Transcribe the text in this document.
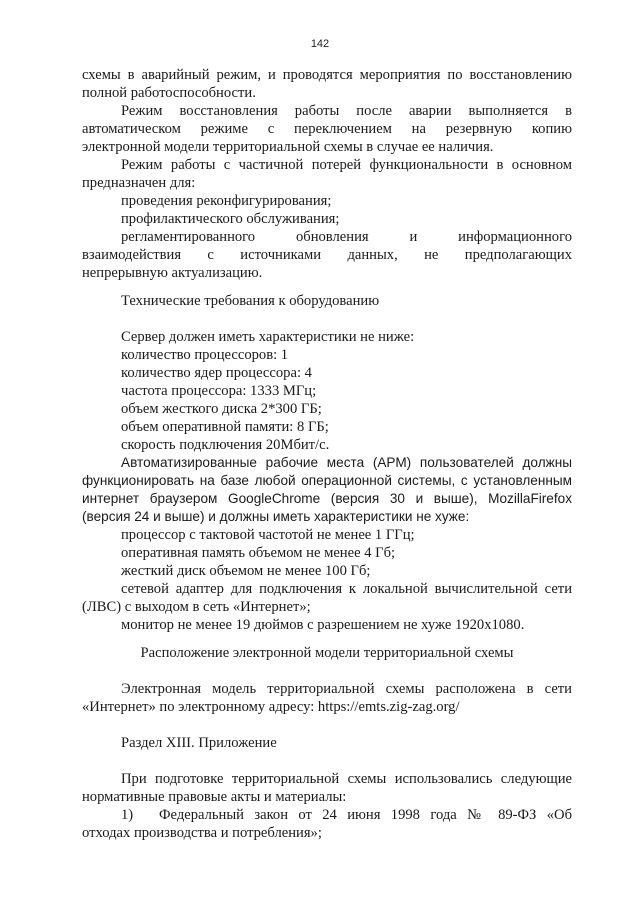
142
схемы в аварийный режим, и проводятся мероприятия по восстановлению
полной работоспособности.
Режим восстановления работы после аварии выполняется в
автоматическом режиме с переключением на резервную копию
электронной модели территориальной схемы в случае ее наличия.
Режим работы с частичной потерей функциональности в основном
предназначен для:
проведения реконфигурирования;
профилактического обслуживания;
регламентированного обновления и информационного
взаимодействия с источниками данных, не предполагающих
непрерывную актуализацию.
Технические требования к оборудованию
Сервер должен иметь характеристики не ниже:
количество процессоров: 1
количество ядер процессора: 4
частота процессора: 1333 МГц;
объем жесткого диска 2*300 ГБ;
объем оперативной памяти: 8 ГБ;
скорость подключения 20Мбит/с.
Автоматизированные рабочие места (АРМ) пользователей должны
функционировать на базе любой операционной системы, с установленным
интернет браузером GoogleChrome (версия 30 и выше), MozillaFirefox
(версия 24 и выше) и должны иметь характеристики не хуже:
процессор с тактовой частотой не менее 1 ГГц;
оперативная память объемом не менее 4 Гб;
жесткий диск объемом не менее 100 Гб;
сетевой адаптер для подключения к локальной вычислительной сети
(ЛВС) с выходом в сеть «Интернет»;
монитор не менее 19 дюймов с разрешением не хуже 1920х1080.
Расположение электронной модели территориальной схемы
Электронная модель территориальной схемы расположена в сети
«Интернет» по электронному адресу: https://emts.zig-zag.org/
Раздел XIII. Приложение
При подготовке территориальной схемы использовались следующие
нормативные правовые акты и материалы:
1)	Федеральный закон от 24 июня 1998 года № 89-ФЗ «Об
отходах производства и потребления»;
